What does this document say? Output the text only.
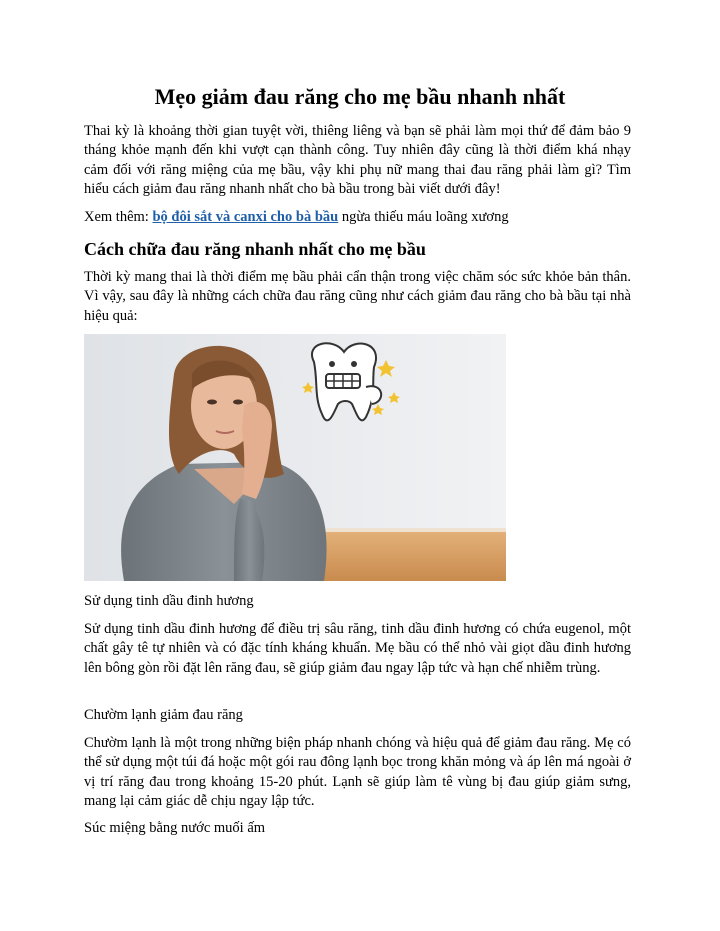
Mẹo giảm đau răng cho mẹ bầu nhanh nhất

Thai kỳ là khoảng thời gian tuyệt vời, thiêng liêng và bạn sẽ phải làm mọi thứ để đảm bảo 9 tháng khỏe mạnh đến khi vượt cạn thành công. Tuy nhiên đây cũng là thời điểm khá nhạy cảm đối với răng miệng của mẹ bầu, vậy khi phụ nữ mang thai đau răng phải làm gì? Tìm hiểu cách giảm đau răng nhanh nhất cho bà bầu trong bài viết dưới đây!

Xem thêm: bộ đôi sắt và canxi cho bà bầu ngừa thiếu máu loãng xương

Cách chữa đau răng nhanh nhất cho mẹ bầu

Thời kỳ mang thai là thời điểm mẹ bầu phải cẩn thận trong việc chăm sóc sức khỏe bản thân. Vì vậy, sau đây là những cách chữa đau răng cũng như cách giảm đau răng cho bà bầu tại nhà hiệu quả:

Sử dụng tinh dầu đinh hương

Sử dụng tinh dầu đinh hương để điều trị sâu răng, tinh dầu đinh hương có chứa eugenol, một chất gây tê tự nhiên và có đặc tính kháng khuẩn. Mẹ bầu có thể nhỏ vài giọt dầu đinh hương lên bông gòn rồi đặt lên răng đau, sẽ giúp giảm đau ngay lập tức và hạn chế nhiễm trùng.

Chườm lạnh giảm đau răng

Chườm lạnh là một trong những biện pháp nhanh chóng và hiệu quả để giảm đau răng. Mẹ có thể sử dụng một túi đá hoặc một gói rau đông lạnh bọc trong khăn mỏng và áp lên má ngoài ở vị trí răng đau trong khoảng 15-20 phút. Lạnh sẽ giúp làm tê vùng bị đau giúp giảm sưng, mang lại cảm giác dễ chịu ngay lập tức.

Súc miệng bằng nước muối ấm
